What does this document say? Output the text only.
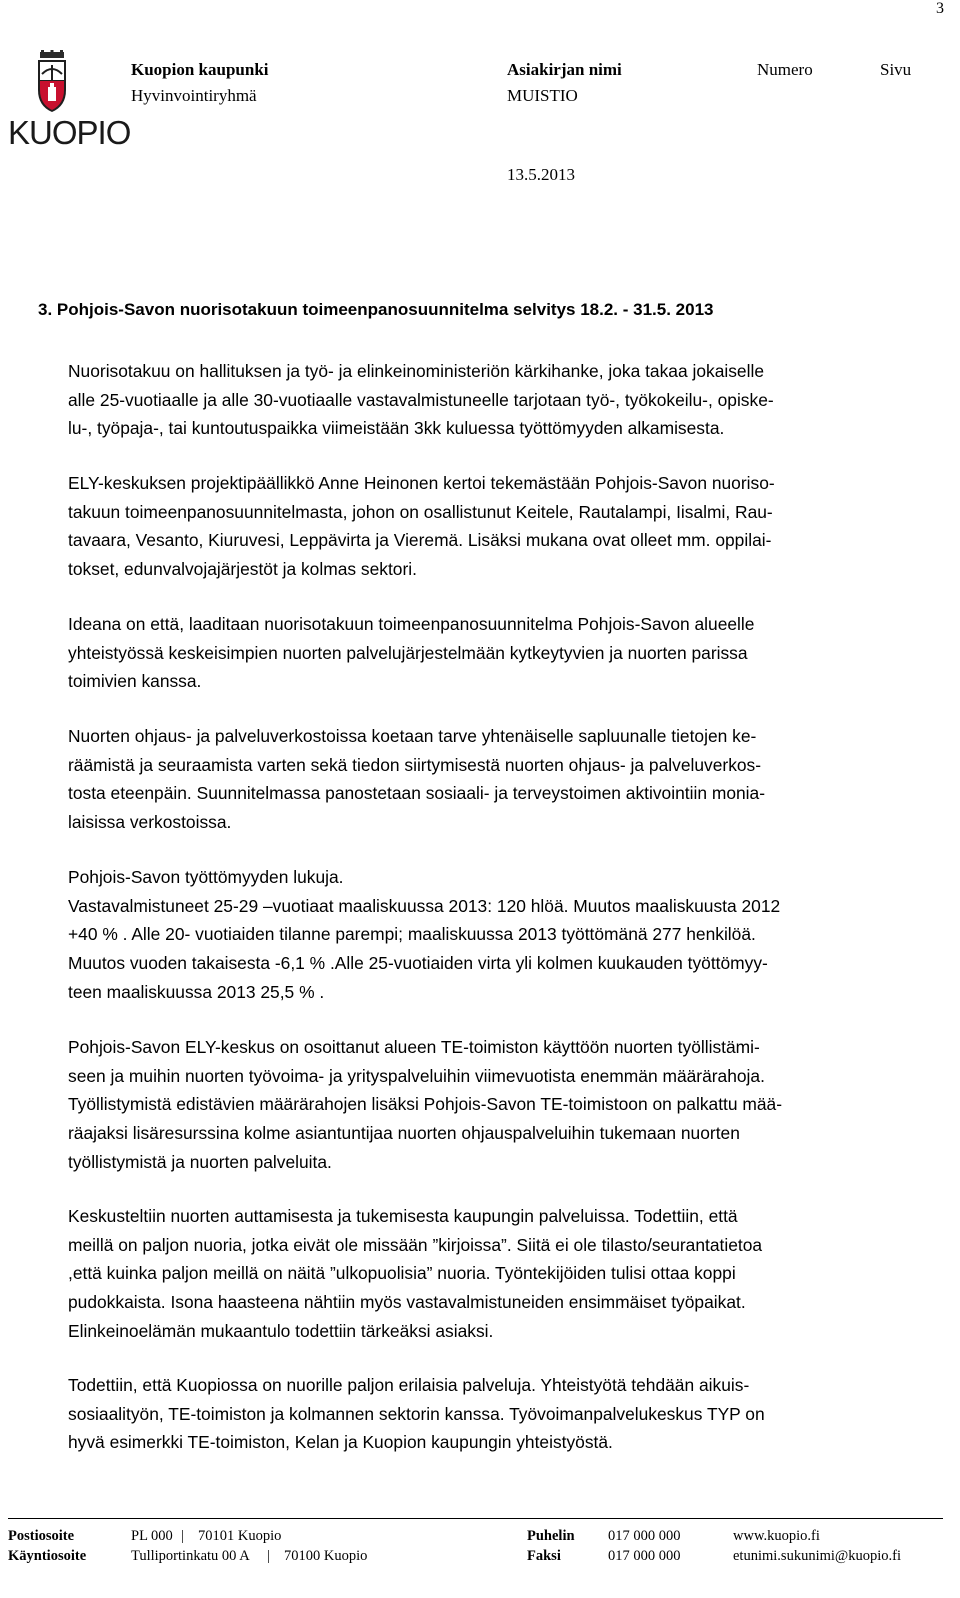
3
KUOPIO
Kuopion kaupunki
Hyvinvointiryhmä
Asiakirjan nimi
MUISTIO
Numero	Sivu
13.5.2013
3. Pohjois-Savon nuorisotakuun toimeenpanosuunnitelma selvitys 18.2. - 31.5. 2013
Nuorisotakuu on hallituksen ja työ- ja elinkeinoministeriön kärkihanke, joka takaa jokaiselle
alle 25-vuotiaalle ja alle 30-vuotiaalle vastavalmistuneelle tarjotaan työ-, työkokeilu-, opiske-
lu-, työpaja-, tai kuntoutuspaikka viimeistään 3kk kuluessa työttömyyden alkamisesta.
ELY-keskuksen projektipäällikkö Anne Heinonen kertoi tekemästään Pohjois-Savon nuoriso-
takuun toimeenpanosuunnitelmasta, johon on osallistunut Keitele, Rautalampi, Iisalmi, Rau-
tavaara, Vesanto, Kiuruvesi, Leppävirta ja Vieremä. Lisäksi mukana ovat olleet mm. oppilai-
tokset, edunvalvojajärjestöt ja kolmas sektori.
Ideana on että, laaditaan nuorisotakuun toimeenpanosuunnitelma Pohjois-Savon alueelle
yhteistyössä keskeisimpien nuorten palvelujärjestelmään kytkeytyvien ja nuorten parissa
toimivien kanssa.
Nuorten ohjaus- ja palveluverkostoissa koetaan tarve yhtenäiselle sapluunalle tietojen ke-
räämistä ja seuraamista varten sekä tiedon siirtymisestä nuorten ohjaus- ja palveluverkos-
tosta eteenpäin. Suunnitelmassa panostetaan sosiaali- ja terveystoimen aktivointiin monia-
laisissa verkostoissa.
Pohjois-Savon työttömyyden lukuja.
Vastavalmistuneet 25-29 –vuotiaat maaliskuussa 2013: 120 hlöä. Muutos maaliskuusta 2012
+40 % . Alle 20- vuotiaiden tilanne parempi; maaliskuussa 2013 työttömänä 277 henkilöä.
Muutos vuoden takaisesta -6,1 % .Alle 25-vuotiaiden virta yli kolmen kuukauden työttömyy-
teen maaliskuussa 2013 25,5 % .
Pohjois-Savon ELY-keskus on osoittanut alueen TE-toimiston käyttöön nuorten työllistämi-
seen ja muihin nuorten työvoima- ja yrityspalveluihin viimevuotista enemmän määrärahoja.
Työllistymistä edistävien määrärahojen lisäksi Pohjois-Savon TE-toimistoon on palkattu mää-
räajaksi lisäresurssina kolme asiantuntijaa nuorten ohjauspalveluihin tukemaan nuorten
työllistymistä ja nuorten palveluita.
Keskusteltiin nuorten auttamisesta ja tukemisesta kaupungin palveluissa. Todettiin, että
meillä on paljon nuoria, jotka eivät ole missään ”kirjoissa”. Siitä ei ole tilasto/seurantatietoa
,että kuinka paljon meillä on näitä ”ulkopuolisia” nuoria. Työntekijöiden tulisi ottaa koppi
pudokkaista. Isona haasteena nähtiin myös vastavalmistuneiden ensimmäiset työpaikat.
Elinkeinoelämän mukaantulo todettiin tärkeäksi asiaksi.
Todettiin, että Kuopiossa on nuorille paljon erilaisia palveluja. Yhteistyötä tehdään aikuis-
sosiaalityön, TE-toimiston ja kolmannen sektorin kanssa. Työvoimanpalvelukeskus TYP on
hyvä esimerkki TE-toimiston, Kelan ja Kuopion kaupungin yhteistyöstä.
Postiosoite	PL 000 | 70101 Kuopio	Puhelin 017 000 000	www.kuopio.fi
Käyntiosoite	Tulliportinkatu 00 A | 70100 Kuopio	Faksi	017 000 000	etunimi.sukunimi@kuopio.fi
